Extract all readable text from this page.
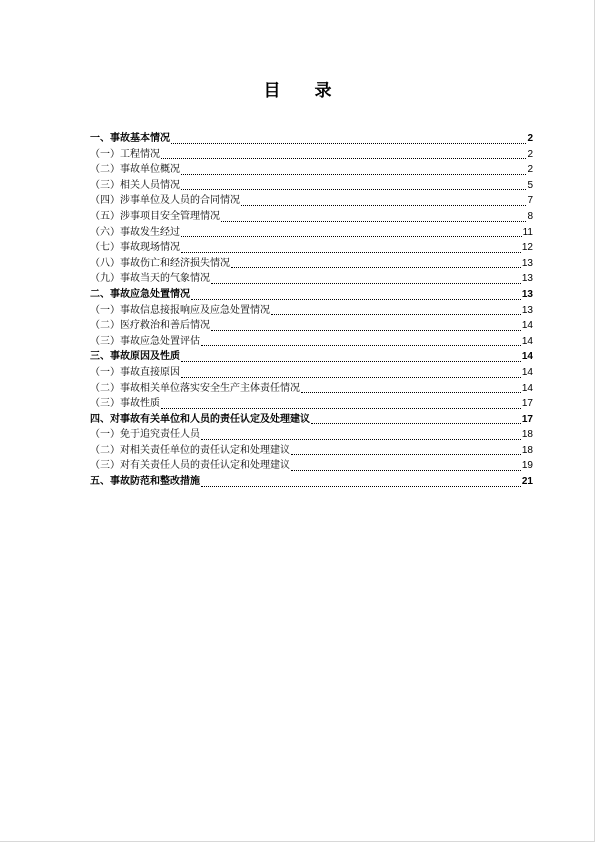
目 录
一、事故基本情况	2
（一）工程情况	2
（二）事故单位概况	2
（三）相关人员情况	5
（四）涉事单位及人员的合同情况	7
（五）涉事项目安全管理情况	8
（六）事故发生经过	11
（七）事故现场情况	12
（八）事故伤亡和经济损失情况	13
（九）事故当天的气象情况	13
二、事故应急处置情况	13
（一）事故信息接报响应及应急处置情况	13
（二）医疗救治和善后情况	14
（三）事故应急处置评估	14
三、事故原因及性质	14
（一）事故直接原因	14
（二）事故相关单位落实安全生产主体责任情况	14
（三）事故性质	17
四、对事故有关单位和人员的责任认定及处理建议	17
（一）免于追究责任人员	18
（二）对相关责任单位的责任认定和处理建议	18
（三）对有关责任人员的责任认定和处理建议	19
五、事故防范和整改措施	21
